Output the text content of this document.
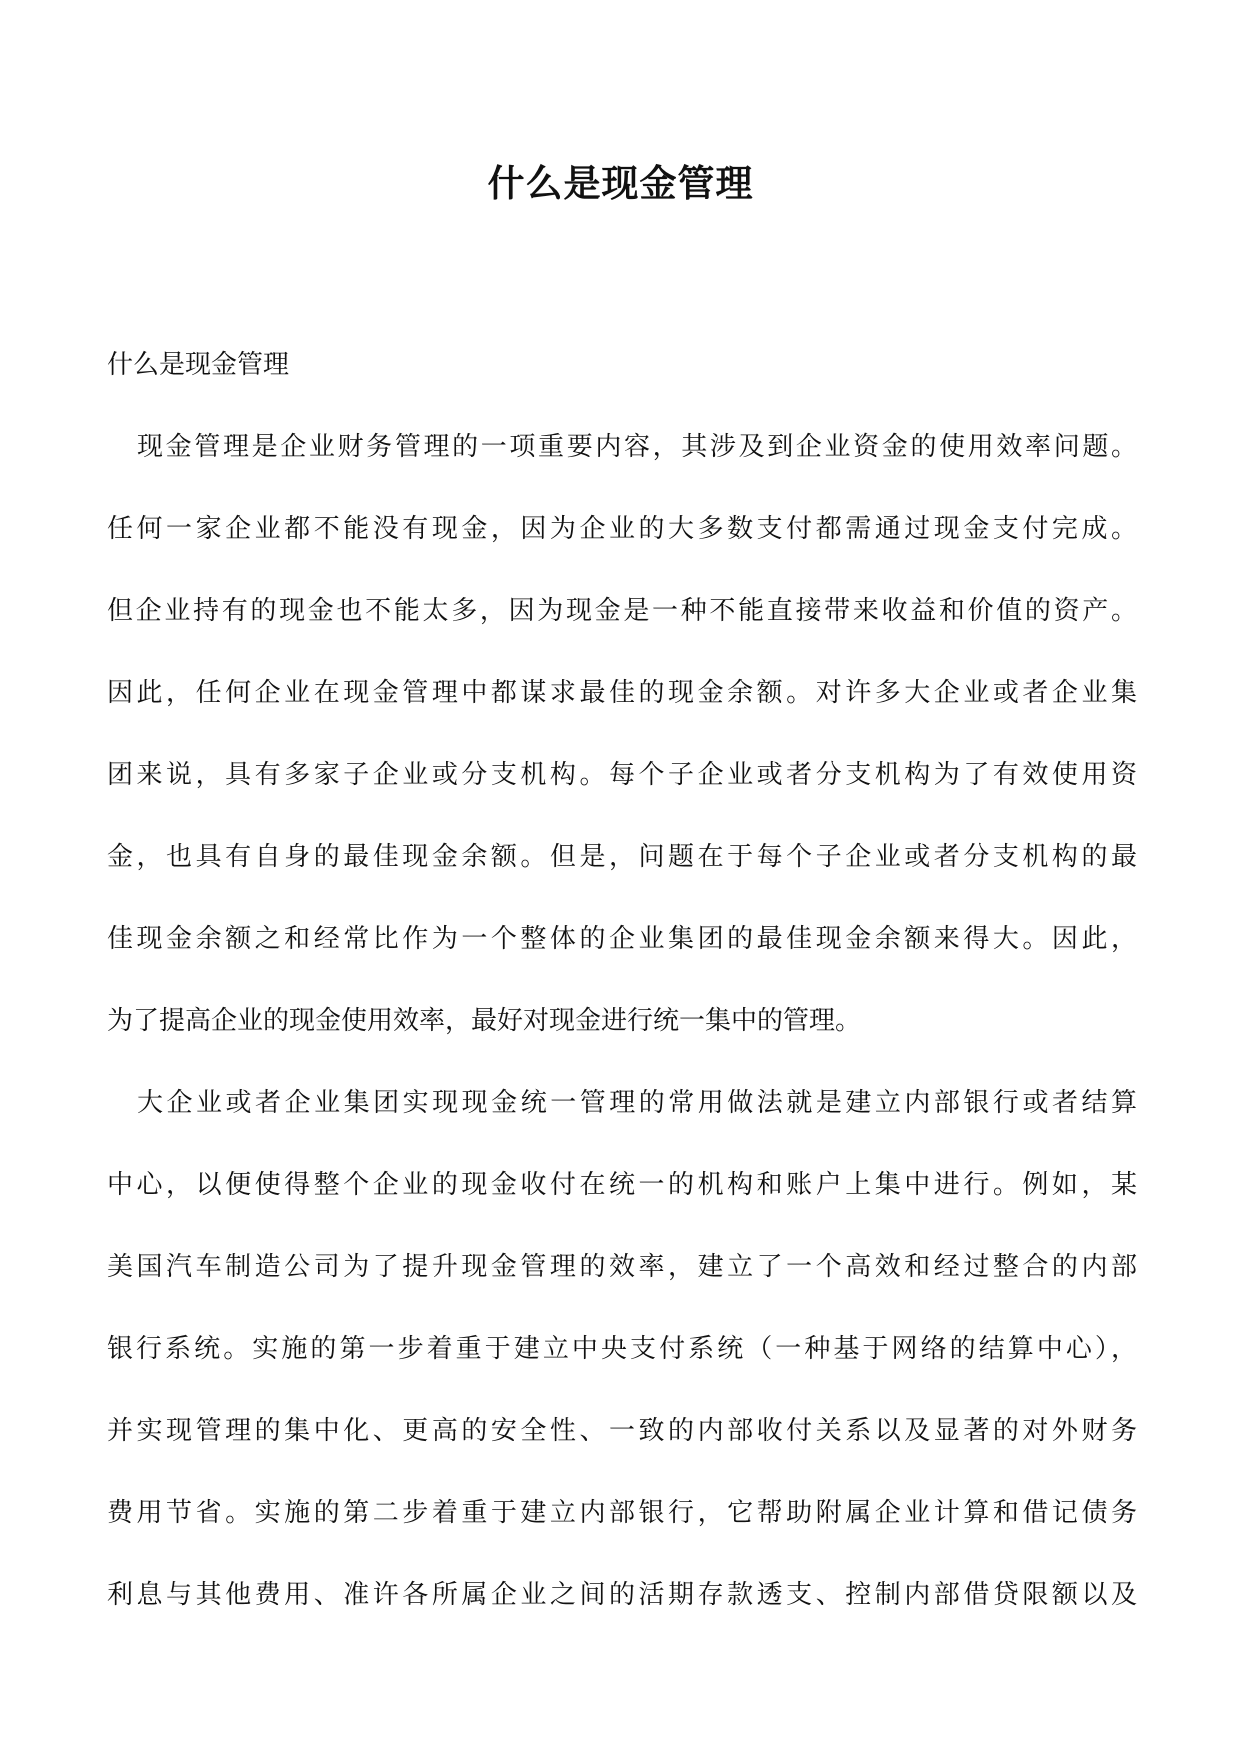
什么是现金管理
什么是现金管理
现金管理是企业财务管理的一项重要内容，其涉及到企业资金的使用效率问题。
任何一家企业都不能没有现金，因为企业的大多数支付都需通过现金支付完成。
但企业持有的现金也不能太多，因为现金是一种不能直接带来收益和价值的资产。
因此，任何企业在现金管理中都谋求最佳的现金余额。对许多大企业或者企业集
团来说，具有多家子企业或分支机构。每个子企业或者分支机构为了有效使用资
金，也具有自身的最佳现金余额。但是，问题在于每个子企业或者分支机构的最
佳现金余额之和经常比作为一个整体的企业集团的最佳现金余额来得大。因此，
为了提高企业的现金使用效率，最好对现金进行统一集中的管理。
大企业或者企业集团实现现金统一管理的常用做法就是建立内部银行或者结算
中心，以便使得整个企业的现金收付在统一的机构和账户上集中进行。例如，某
美国汽车制造公司为了提升现金管理的效率，建立了一个高效和经过整合的内部
银行系统。实施的第一步着重于建立中央支付系统（一种基于网络的结算中心），
并实现管理的集中化、更高的安全性、一致的内部收付关系以及显著的对外财务
费用节省。实施的第二步着重于建立内部银行，它帮助附属企业计算和借记债务
利息与其他费用、准许各所属企业之间的活期存款透支、控制内部借贷限额以及
